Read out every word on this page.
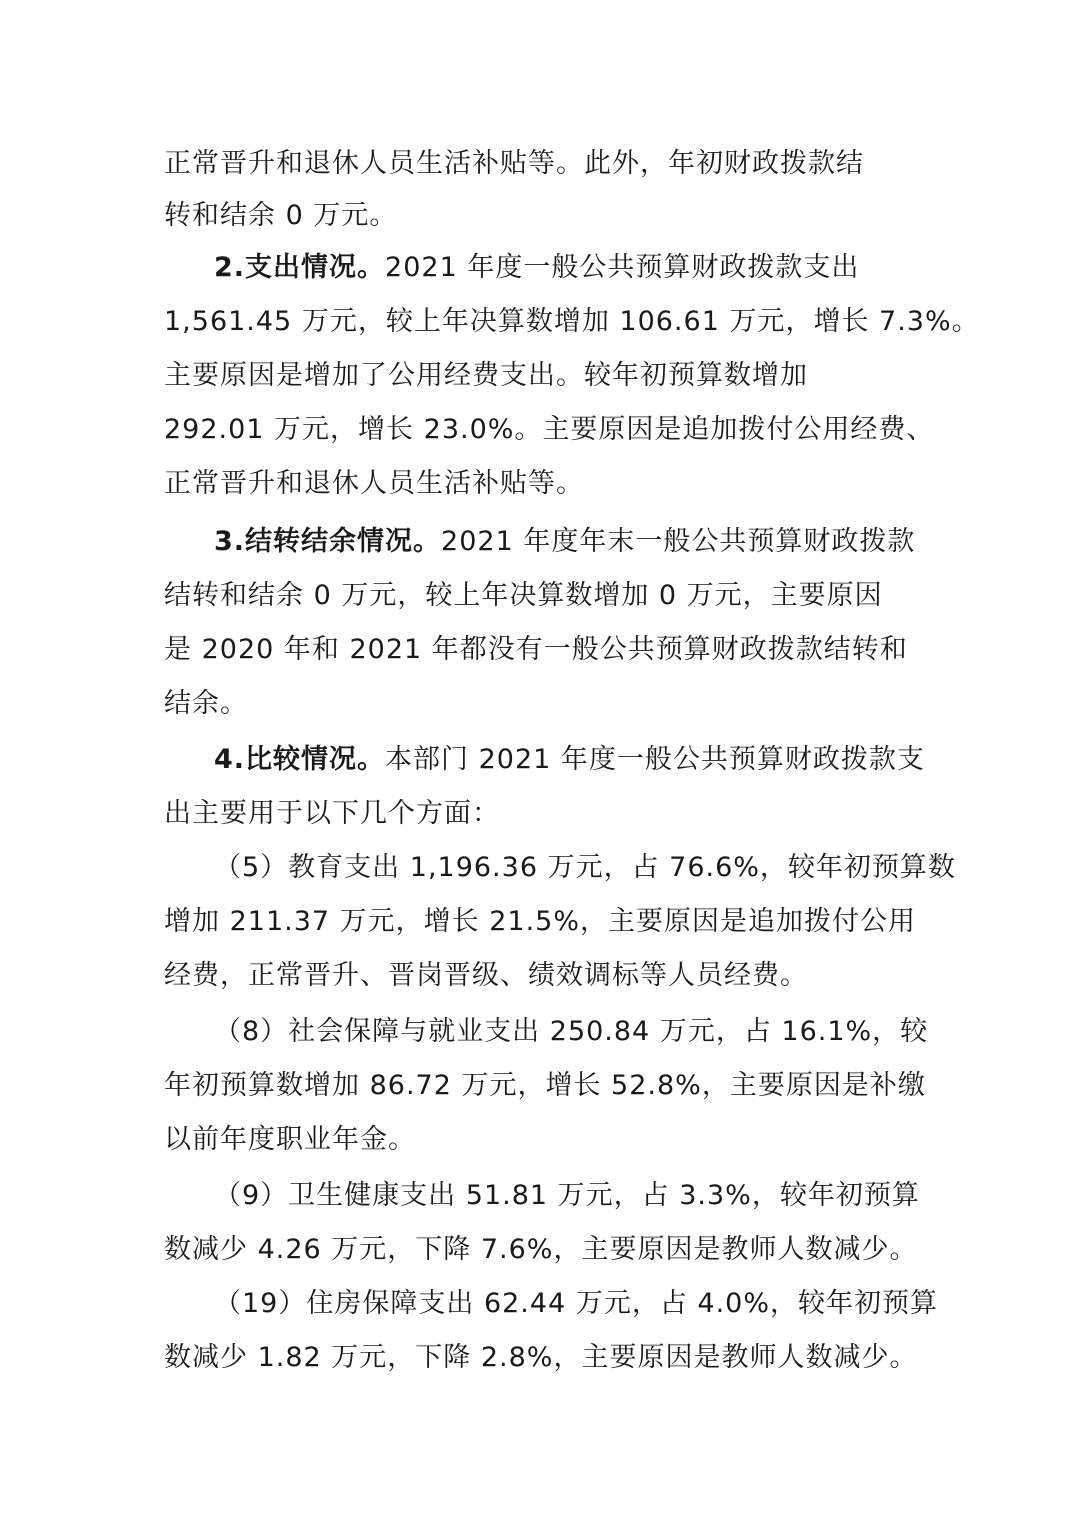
正常晋升和退休人员生活补贴等。此外，年初财政拨款结
转和结余 0 万元。
2.支出情况。2021 年度一般公共预算财政拨款支出
1,561.45 万元，较上年决算数增加 106.61 万元，增长 7.3%。
主要原因是增加了公用经费支出。较年初预算数增加
292.01 万元，增长 23.0%。主要原因是追加拨付公用经费、
正常晋升和退休人员生活补贴等。
3.结转结余情况。2021 年度年末一般公共预算财政拨款
结转和结余 0 万元，较上年决算数增加 0 万元，主要原因
是 2020 年和 2021 年都没有一般公共预算财政拨款结转和
结余。
4.比较情况。本部门 2021 年度一般公共预算财政拨款支
出主要用于以下几个方面：
（5）教育支出 1,196.36 万元，占 76.6%，较年初预算数
增加 211.37 万元，增长 21.5%，主要原因是追加拨付公用
经费，正常晋升、晋岗晋级、绩效调标等人员经费。
（8）社会保障与就业支出 250.84 万元，占 16.1%，较
年初预算数增加 86.72 万元，增长 52.8%，主要原因是补缴
以前年度职业年金。
（9）卫生健康支出 51.81 万元，占 3.3%，较年初预算
数减少 4.26 万元，下降 7.6%，主要原因是教师人数减少。
（19）住房保障支出 62.44 万元，占 4.0%，较年初预算
数减少 1.82 万元，下降 2.8%，主要原因是教师人数减少。
